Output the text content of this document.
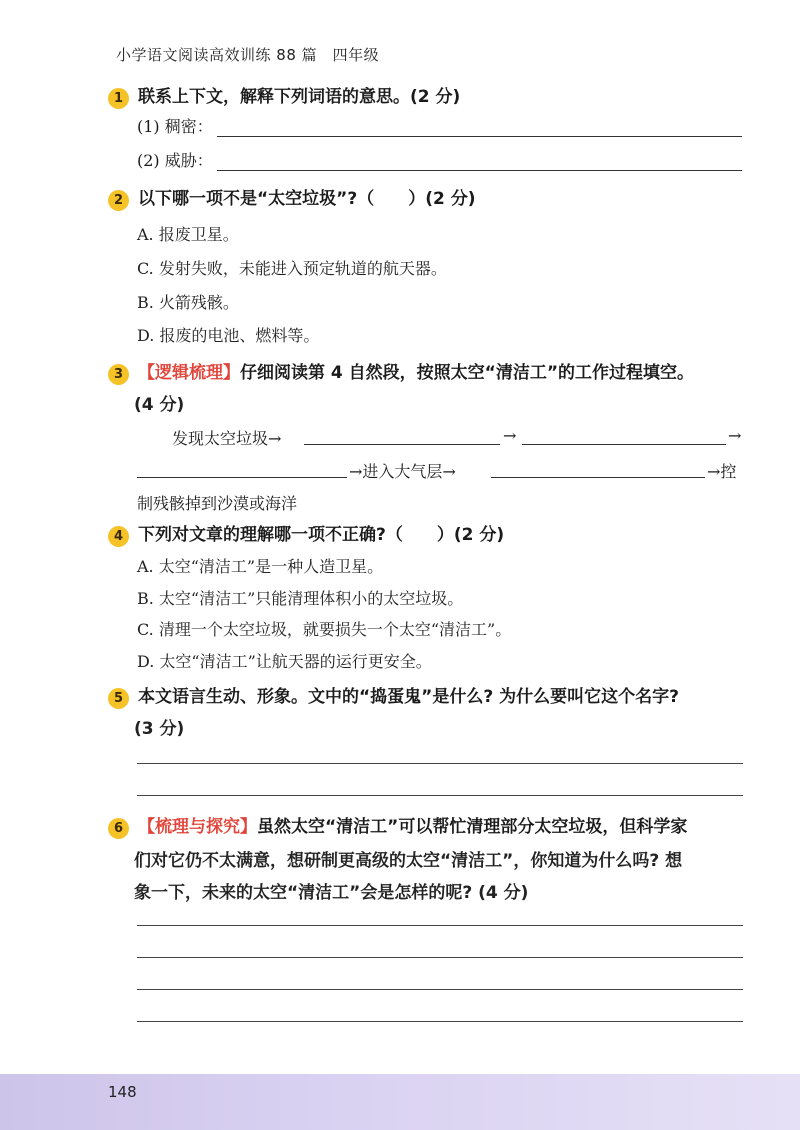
小学语文阅读高效训练 88 篇　四年级
1 联系上下文，解释下列词语的意思。(2 分)
(1) 稠密：
(2) 威胁：
2 以下哪一项不是“太空垃圾”?（　　）(2 分)
A. 报废卫星。
C. 发射失败，未能进入预定轨道的航天器。
B. 火箭残骸。
D. 报废的电池、燃料等。
3 【逻辑梳理】仔细阅读第 4 自然段，按照太空“清洁工”的工作过程填空。
(4 分)
发现太空垃圾→	→	→
→进入大气层→	→控
制残骸掉到沙漠或海洋
4 下列对文章的理解哪一项不正确?（　　）(2 分)
A. 太空“清洁工”是一种人造卫星。
B. 太空“清洁工”只能清理体积小的太空垃圾。
C. 清理一个太空垃圾，就要损失一个太空“清洁工”。
D. 太空“清洁工”让航天器的运行更安全。
5 本文语言生动、形象。文中的“捣蛋鬼”是什么? 为什么要叫它这个名字?
(3 分)
6 【梳理与探究】虽然太空“清洁工”可以帮忙清理部分太空垃圾，但科学家
们对它仍不太满意，想研制更高级的太空“清洁工”，你知道为什么吗? 想
象一下，未来的太空“清洁工”会是怎样的呢? (4 分)
148
